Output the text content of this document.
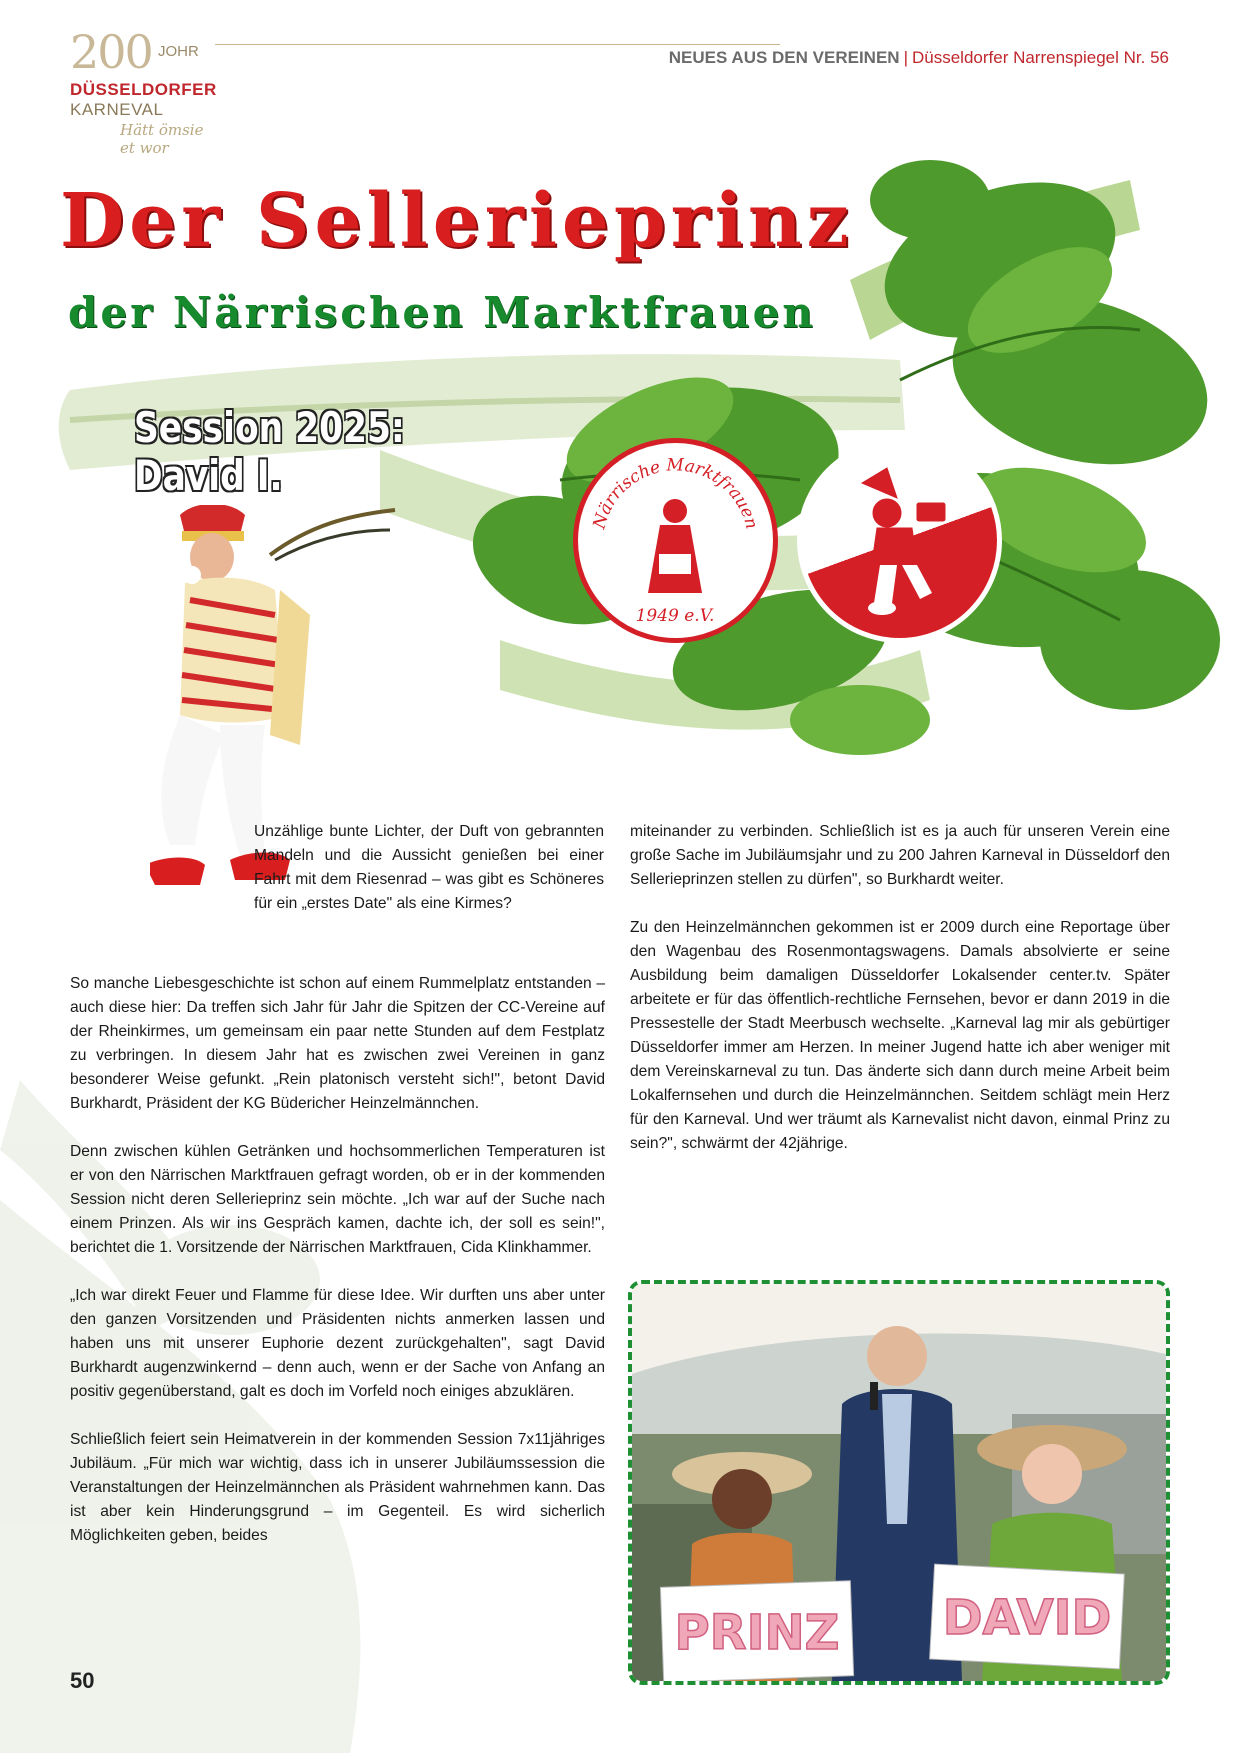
200 JOHR
DÜSSELDORFER
KARNEVAL
Hätt ömsie et wor
NEUES AUS DEN VEREINEN | Düsseldorfer Narrenspiegel Nr. 56
Der Sellerieprinz
der Närrischen Marktfrauen
Session 2025:
David I.
Närrische Marktfrauen
1949 e.V.
Unzählige bunte Lichter, der Duft von gebrannten Mandeln und die Aussicht genießen bei einer Fahrt mit dem Riesenrad – was gibt es Schöneres für ein „erstes Date" als eine Kirmes?

So manche Liebesgeschichte ist schon auf einem Rummelplatz entstanden – auch diese hier: Da treffen sich Jahr für Jahr die Spitzen der CC-Vereine auf der Rheinkirmes, um gemeinsam ein paar nette Stunden auf dem Festplatz zu verbringen. In diesem Jahr hat es zwischen zwei Vereinen in ganz besonderer Weise gefunkt. „Rein platonisch versteht sich!", betont David Burkhardt, Präsident der KG Büdericher Heinzelmännchen.

Denn zwischen kühlen Getränken und hochsommerlichen Temperaturen ist er von den Närrischen Marktfrauen gefragt worden, ob er in der kommenden Session nicht deren Sellerieprinz sein möchte. „Ich war auf der Suche nach einem Prinzen. Als wir ins Gespräch kamen, dachte ich, der soll es sein!", berichtet die 1. Vorsitzende der Närrischen Marktfrauen, Cida Klinkhammer.

„Ich war direkt Feuer und Flamme für diese Idee. Wir durften uns aber unter den ganzen Vorsitzenden und Präsidenten nichts anmerken lassen und haben uns mit unserer Euphorie dezent zurückgehalten", sagt David Burkhardt augenzwinkernd – denn auch, wenn er der Sache von Anfang an positiv gegenüberstand, galt es doch im Vorfeld noch einiges abzuklären.

Schließlich feiert sein Heimatverein in der kommenden Session 7x11jähriges Jubiläum. „Für mich war wichtig, dass ich in unserer Jubiläumssession die Veranstaltungen der Heinzelmännchen als Präsident wahrnehmen kann. Das ist aber kein Hinderungsgrund – im Gegenteil. Es wird sicherlich Möglichkeiten geben, beides

miteinander zu verbinden. Schließlich ist es ja auch für unseren Verein eine große Sache im Jubiläumsjahr und zu 200 Jahren Karneval in Düsseldorf den Sellerieprinzen stellen zu dürfen", so Burkhardt weiter.

Zu den Heinzelmännchen gekommen ist er 2009 durch eine Reportage über den Wagenbau des Rosenmontagswagens. Damals absolvierte er seine Ausbildung beim damaligen Düsseldorfer Lokalsender center.tv. Später arbeitete er für das öffentlich-rechtliche Fernsehen, bevor er dann 2019 in die Pressestelle der Stadt Meerbusch wechselte. „Karneval lag mir als gebürtiger Düsseldorfer immer am Herzen. In meiner Jugend hatte ich aber weniger mit dem Vereinskarneval zu tun. Das änderte sich dann durch meine Arbeit beim Lokalfernsehen und durch die Heinzelmännchen. Seitdem schlägt mein Herz für den Karneval. Und wer träumt als Karnevalist nicht davon, einmal Prinz zu sein?", schwärmt der 42jährige.

PRINZ DAVID
50
